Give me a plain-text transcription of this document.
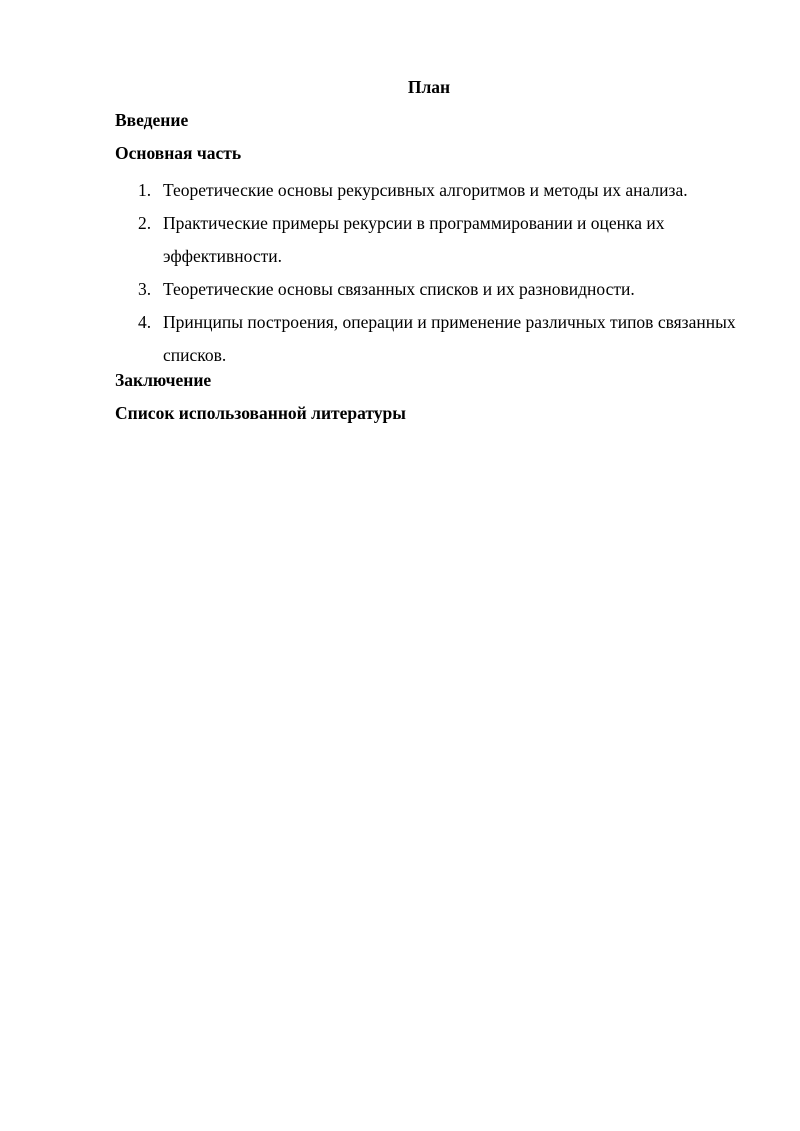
План
Введение
Основная часть
1. Теоретические основы рекурсивных алгоритмов и методы их анализа.
2. Практические примеры рекурсии в программировании и оценка их эффективности.
3. Теоретические основы связанных списков и их разновидности.
4. Принципы построения, операции и применение различных типов связанных списков.
Заключение
Список использованной литературы
